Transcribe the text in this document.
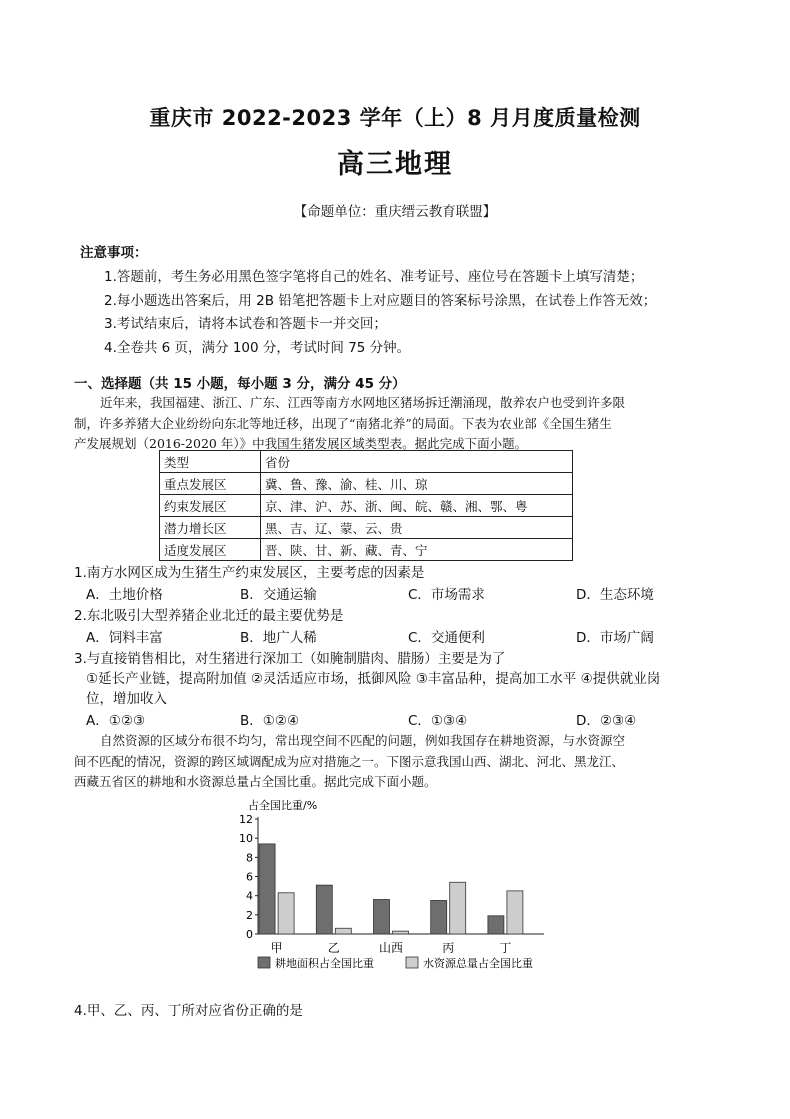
重庆市 2022-2023 学年（上）8 月月度质量检测
高三地理
【命题单位：重庆缙云教育联盟】
注意事项：
1.答题前，考生务必用黑色签字笔将自己的姓名、准考证号、座位号在答题卡上填写清楚；
2.每小题选出答案后，用 2B 铅笔把答题卡上对应题目的答案标号涂黑，在试卷上作答无效；
3.考试结束后，请将本试卷和答题卡一并交回；
4.全卷共 6 页，满分 100 分，考试时间 75 分钟。
一、选择题（共 15 小题，每小题 3 分，满分 45 分）
近年来，我国福建、浙江、广东、江西等南方水网地区猪场拆迁潮涌现，散养农户也受到许多限
制，许多养猪大企业纷纷向东北等地迁移，出现了“南猪北养”的局面。下表为农业部《全国生猪生
产发展规划（2016-2020 年）》中我国生猪发展区域类型表。据此完成下面小题。
类型	省份
重点发展区	冀、鲁、豫、渝、桂、川、琼
约束发展区	京、津、沪、苏、浙、闽、皖、赣、湘、鄂、粤
潜力增长区	黑、吉、辽、蒙、云、贵
适度发展区	晋、陕、甘、新、藏、青、宁
1.南方水网区成为生猪生产约束发展区，主要考虑的因素是
A．土地价格	B．交通运输	C．市场需求	D．生态环境
2.东北吸引大型养猪企业北迁的最主要优势是
A．饲料丰富	B．地广人稀	C．交通便利	D．市场广阔
3.与直接销售相比，对生猪进行深加工（如腌制腊肉、腊肠）主要是为了
①延长产业链，提高附加值 ②灵活适应市场，抵御风险 ③丰富品种，提高加工水平 ④提供就业岗
位，增加收入
A．①②③	B．①②④	C．①③④	D．②③④
自然资源的区域分布很不均匀，常出现空间不匹配的问题，例如我国存在耕地资源，与水资源空
间不匹配的情况，资源的跨区域调配成为应对措施之一。下图示意我国山西、湖北、河北、黑龙江、
西藏五省区的耕地和水资源总量占全国比重。据此完成下面小题。
占全国比重/%
0
2
4
6
8
10
12
甲	乙	山西	丙	丁
耕地面积占全国比重	水资源总量占全国比重
4.甲、乙、丙、丁所对应省份正确的是
